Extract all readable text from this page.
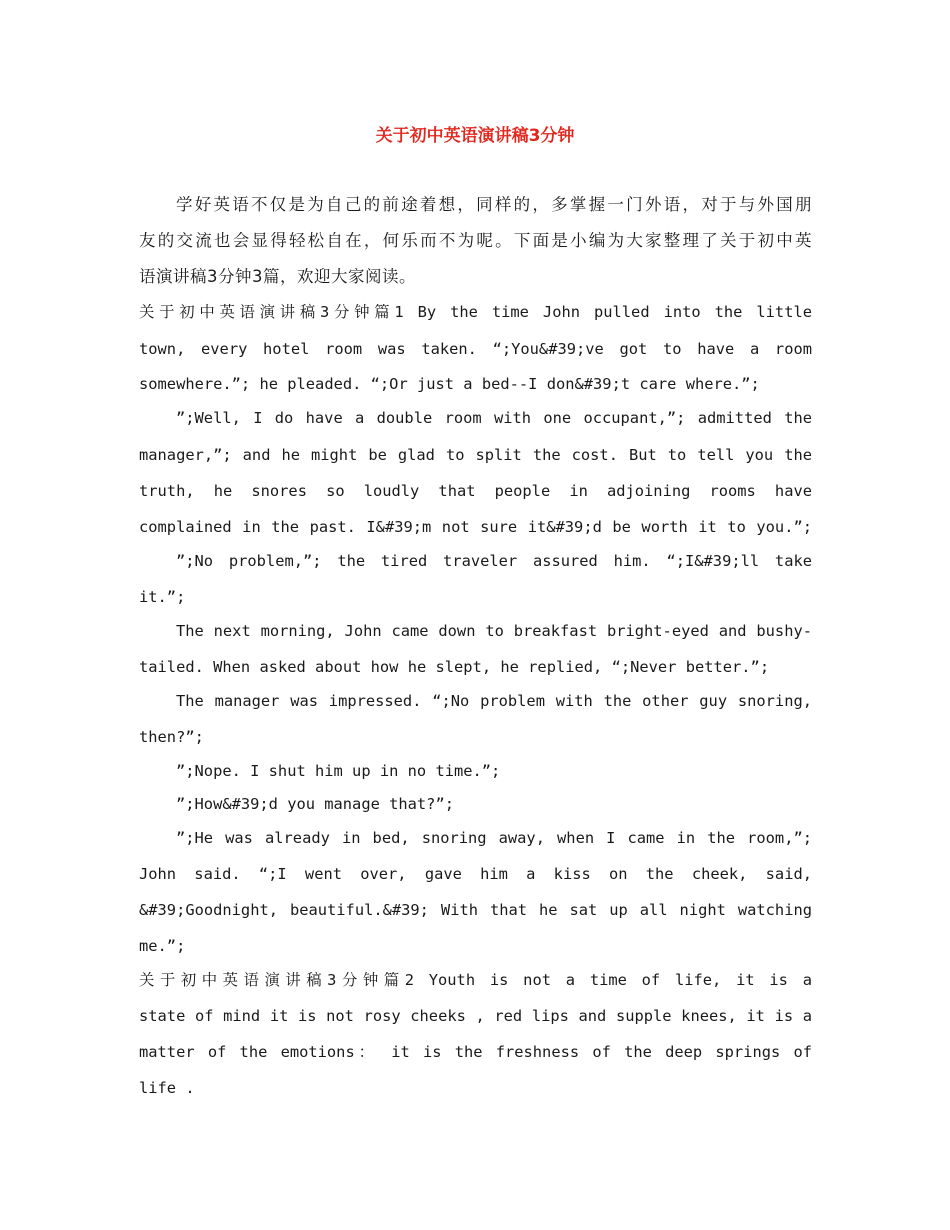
关于初中英语演讲稿3分钟
学好英语不仅是为自己的前途着想，同样的，多掌握一门外语，对于与外国朋
友的交流也会显得轻松自在，何乐而不为呢。下面是小编为大家整理了关于初中英
语演讲稿3分钟3篇，欢迎大家阅读。
关于初中英语演讲稿3分钟篇1 By the time John pulled into the little
town, every hotel room was taken. “;You&#39;ve got to have a room
somewhere.”; he pleaded. “;Or just a bed--I don&#39;t care where.”;
”;Well, I do have a double room with one occupant,”; admitted the
manager,”; and he might be glad to split the cost. But to tell you the
truth, he snores so loudly that people in adjoining rooms have
complained in the past. I&#39;m not sure it&#39;d be worth it to you.”;
”;No problem,”; the tired traveler assured him. “;I&#39;ll take
it.”;
The next morning, John came down to breakfast bright-eyed and bushy-
tailed. When asked about how he slept, he replied, “;Never better.”;
The manager was impressed. “;No problem with the other guy snoring,
then?”;
”;Nope. I shut him up in no time.”;
”;How&#39;d you manage that?”;
”;He was already in bed, snoring away, when I came in the room,”;
John said. “;I went over, gave him a kiss on the cheek, said,
&#39;Goodnight, beautiful.&#39; With that he sat up all night watching
me.”;
关于初中英语演讲稿3分钟篇2 Youth is not a time of life, it is a
state of mind it is not rosy cheeks , red lips and supple knees, it is a
matter of the emotions： it is the freshness of the deep springs of
life .
